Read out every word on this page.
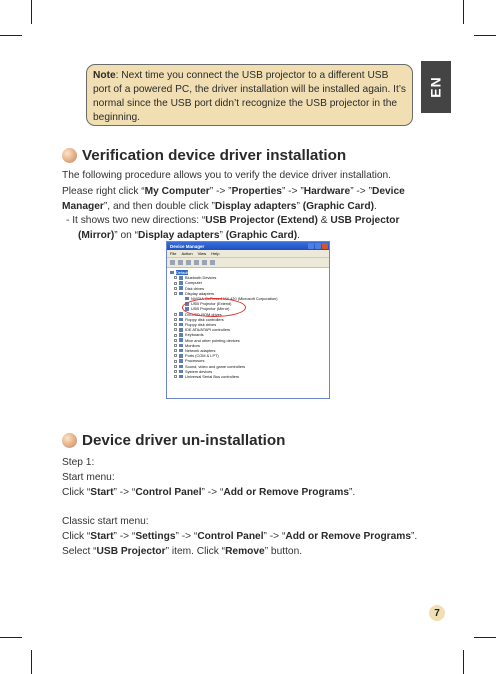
Note: Next time you connect the USB projector to a different USB port of a powered PC, the driver installation will be installed again. It’s normal since the USB port didn’t recognize the USB projector in the beginning.
EN
Verification device driver installation
The following procedure allows you to verify the device driver installation.
Please right click “My Computer” -> ”Properties” -> ”Hardware” -> ”Device Manager”, and then double click ”Display adapters” (Graphic Card).
- It shows two new directions: “USB Projector (Extend) & USB Projector (Mirror)” on “Display adapters” (Graphic Card).
Device Manager
File Action View Help
Default
Bluetooth Devices
Computer
Disk drives
Display adapters
NVIDIA GeForce4 MX 420 (Microsoft Corporation)
USB Projector (Extend)
USB Projector (Mirror)
DVD/CD-ROM drives
Floppy disk controllers
Floppy disk drives
IDE ATA/ATAPI controllers
Keyboards
Mice and other pointing devices
Monitors
Network adapters
Ports (COM & LPT)
Processors
Sound, video and game controllers
System devices
Universal Serial Bus controllers
Device driver un-installation
Step 1:
Start menu:
Click “Start” -> “Control Panel” -> “Add or Remove Programs”.
Classic start menu:
Click “Start” -> “Settings” -> “Control Panel” -> “Add or Remove Programs”.
Select “USB Projector” item. Click “Remove” button.
7
